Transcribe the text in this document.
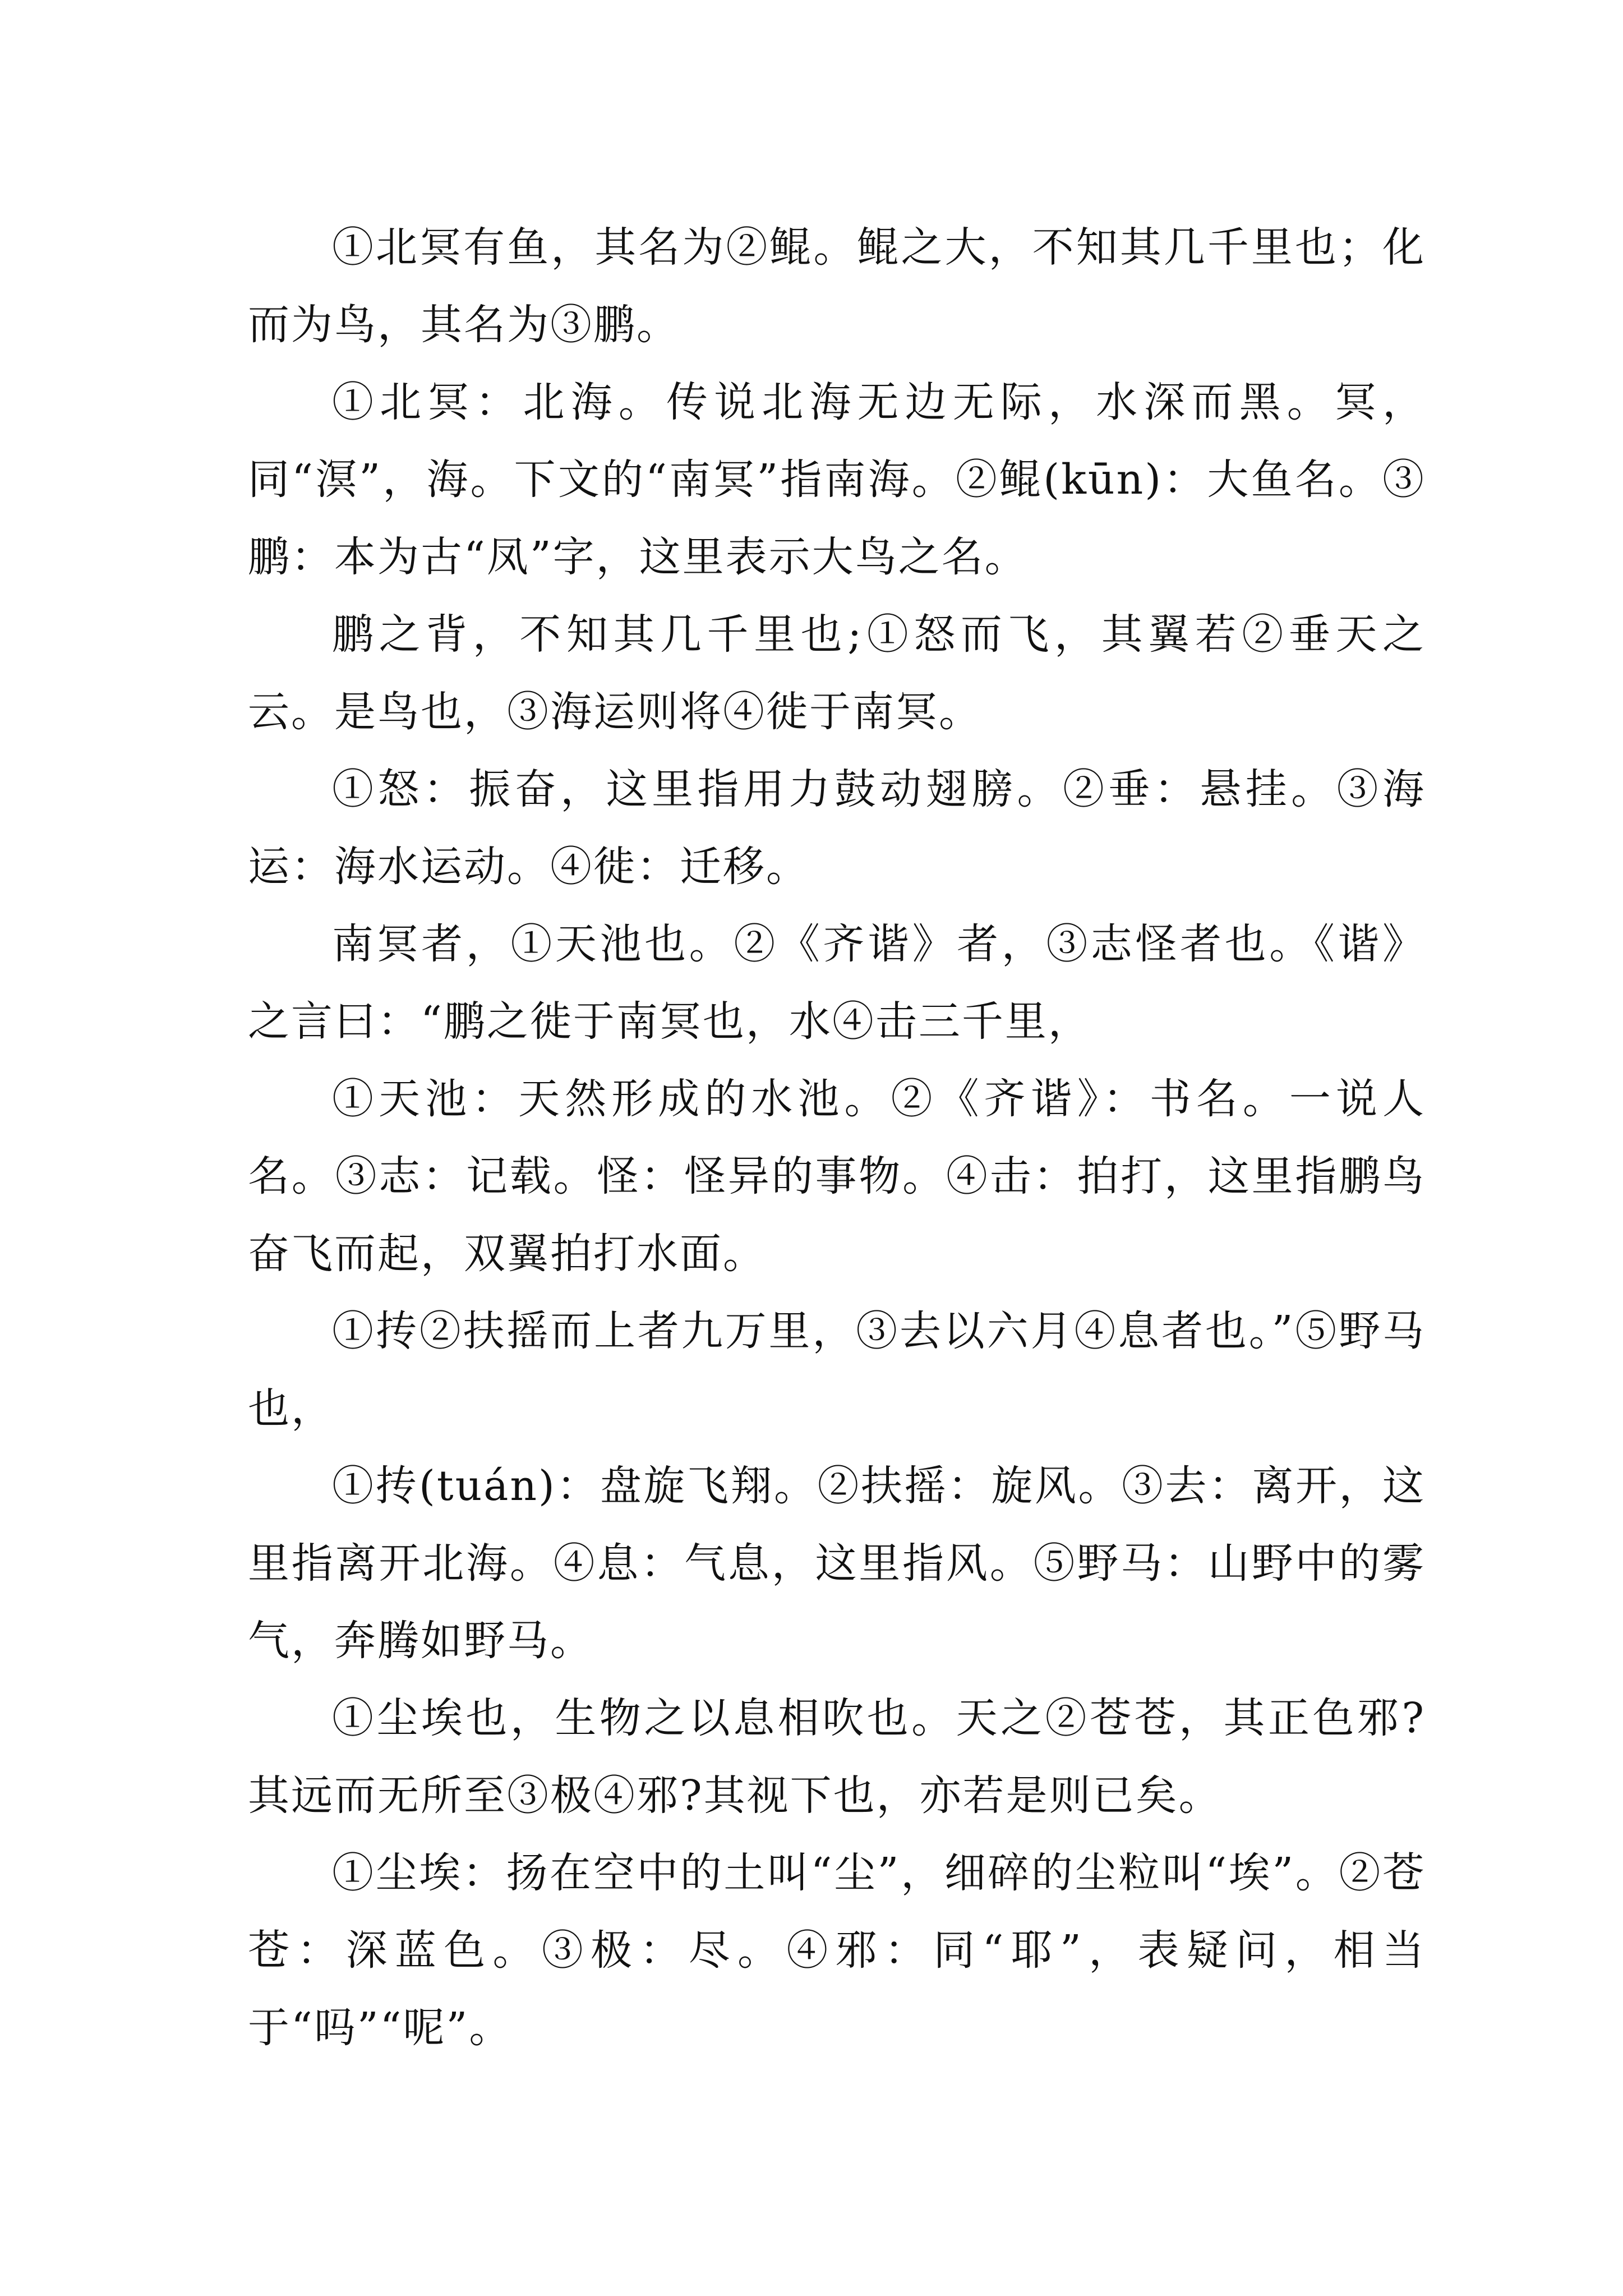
①北冥有鱼，其名为②鲲。鲲之大，不知其几千里也；化而为鸟，其名为③鹏。

①北冥：北海。传说北海无边无际，水深而黑。冥，同“溟”，海。下文的“南冥”指南海。②鲲(kūn)：大鱼名。③鹏：本为古“凤”字，这里表示大鸟之名。

鹏之背，不知其几千里也;①怒而飞，其翼若②垂天之云。是鸟也，③海运则将④徙于南冥。

①怒：振奋，这里指用力鼓动翅膀。②垂：悬挂。③海运：海水运动。④徙：迁移。

南冥者，①天池也。②《齐谐》者，③志怪者也。《谐》之言曰：“鹏之徙于南冥也，水④击三千里，

①天池：天然形成的水池。②《齐谐》：书名。一说人名。③志：记载。怪：怪异的事物。④击：拍打，这里指鹏鸟奋飞而起，双翼拍打水面。

①抟②扶摇而上者九万里，③去以六月④息者也。”⑤野马也，

①抟(tuán)：盘旋飞翔。②扶摇：旋风。③去：离开，这里指离开北海。④息：气息，这里指风。⑤野马：山野中的雾气，奔腾如野马。

①尘埃也，生物之以息相吹也。天之②苍苍，其正色邪?其远而无所至③极④邪?其视下也，亦若是则已矣。

①尘埃：扬在空中的土叫“尘”，细碎的尘粒叫“埃”。②苍苍：深蓝色。③极：尽。④邪：同“耶”，表疑问，相当于“吗”“呢”。
